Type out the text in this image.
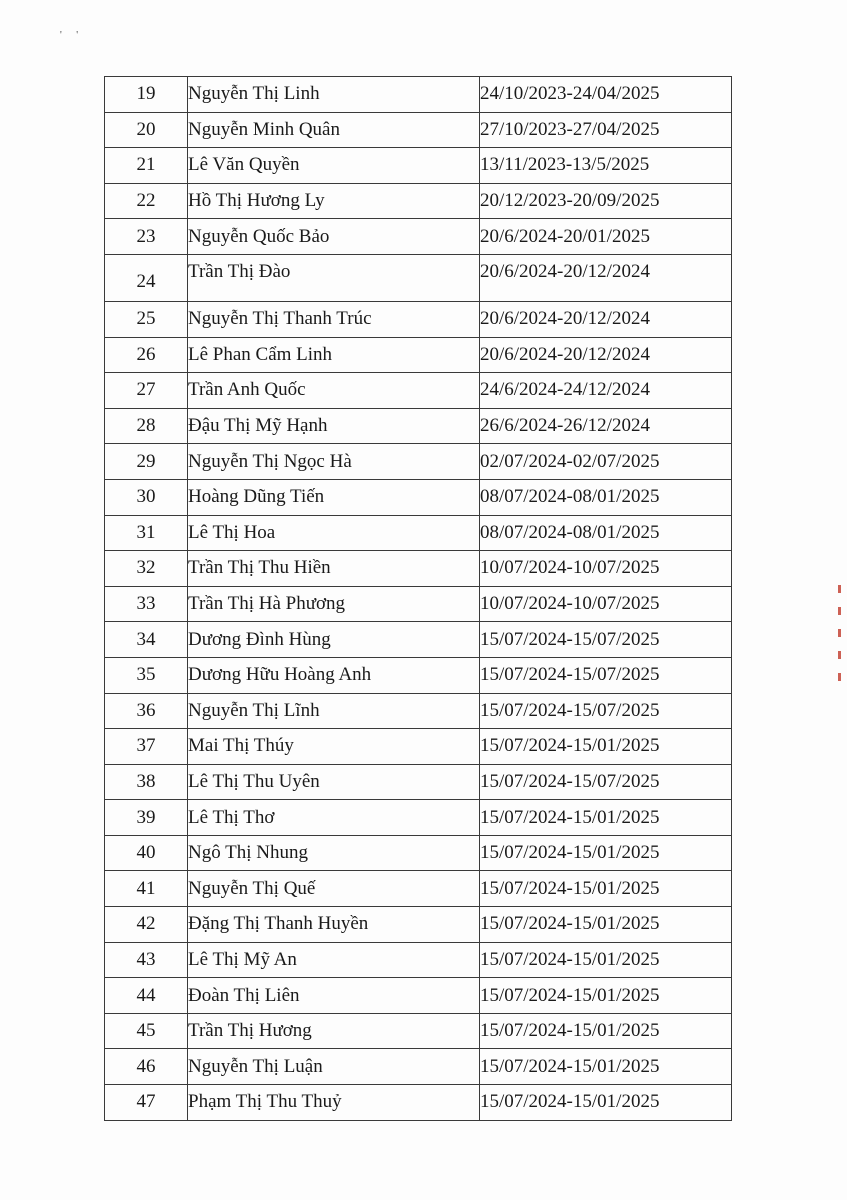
' '
19	Nguyễn Thị Linh	24/10/2023-24/04/2025
20	Nguyễn Minh Quân	27/10/2023-27/04/2025
21	Lê Văn Quyền	13/11/2023-13/5/2025
22	Hồ Thị Hương Ly	20/12/2023-20/09/2025
23	Nguyễn Quốc Bảo	20/6/2024-20/01/2025
24	Trần Thị Đào	20/6/2024-20/12/2024
25	Nguyễn Thị Thanh Trúc	20/6/2024-20/12/2024
26	Lê Phan Cẩm Linh	20/6/2024-20/12/2024
27	Trần Anh Quốc	24/6/2024-24/12/2024
28	Đậu Thị Mỹ Hạnh	26/6/2024-26/12/2024
29	Nguyễn Thị Ngọc Hà	02/07/2024-02/07/2025
30	Hoàng Dũng Tiến	08/07/2024-08/01/2025
31	Lê Thị Hoa	08/07/2024-08/01/2025
32	Trần Thị Thu Hiền	10/07/2024-10/07/2025
33	Trần Thị Hà Phương	10/07/2024-10/07/2025
34	Dương Đình Hùng	15/07/2024-15/07/2025
35	Dương Hữu Hoàng Anh	15/07/2024-15/07/2025
36	Nguyễn Thị Lĩnh	15/07/2024-15/07/2025
37	Mai Thị Thúy	15/07/2024-15/01/2025
38	Lê Thị Thu Uyên	15/07/2024-15/07/2025
39	Lê Thị Thơ	15/07/2024-15/01/2025
40	Ngô Thị Nhung	15/07/2024-15/01/2025
41	Nguyễn Thị Quế	15/07/2024-15/01/2025
42	Đặng Thị Thanh Huyền	15/07/2024-15/01/2025
43	Lê Thị Mỹ An	15/07/2024-15/01/2025
44	Đoàn Thị Liên	15/07/2024-15/01/2025
45	Trần Thị Hương	15/07/2024-15/01/2025
46	Nguyễn Thị Luận	15/07/2024-15/01/2025
47	Phạm Thị Thu Thuỷ	15/07/2024-15/01/2025
